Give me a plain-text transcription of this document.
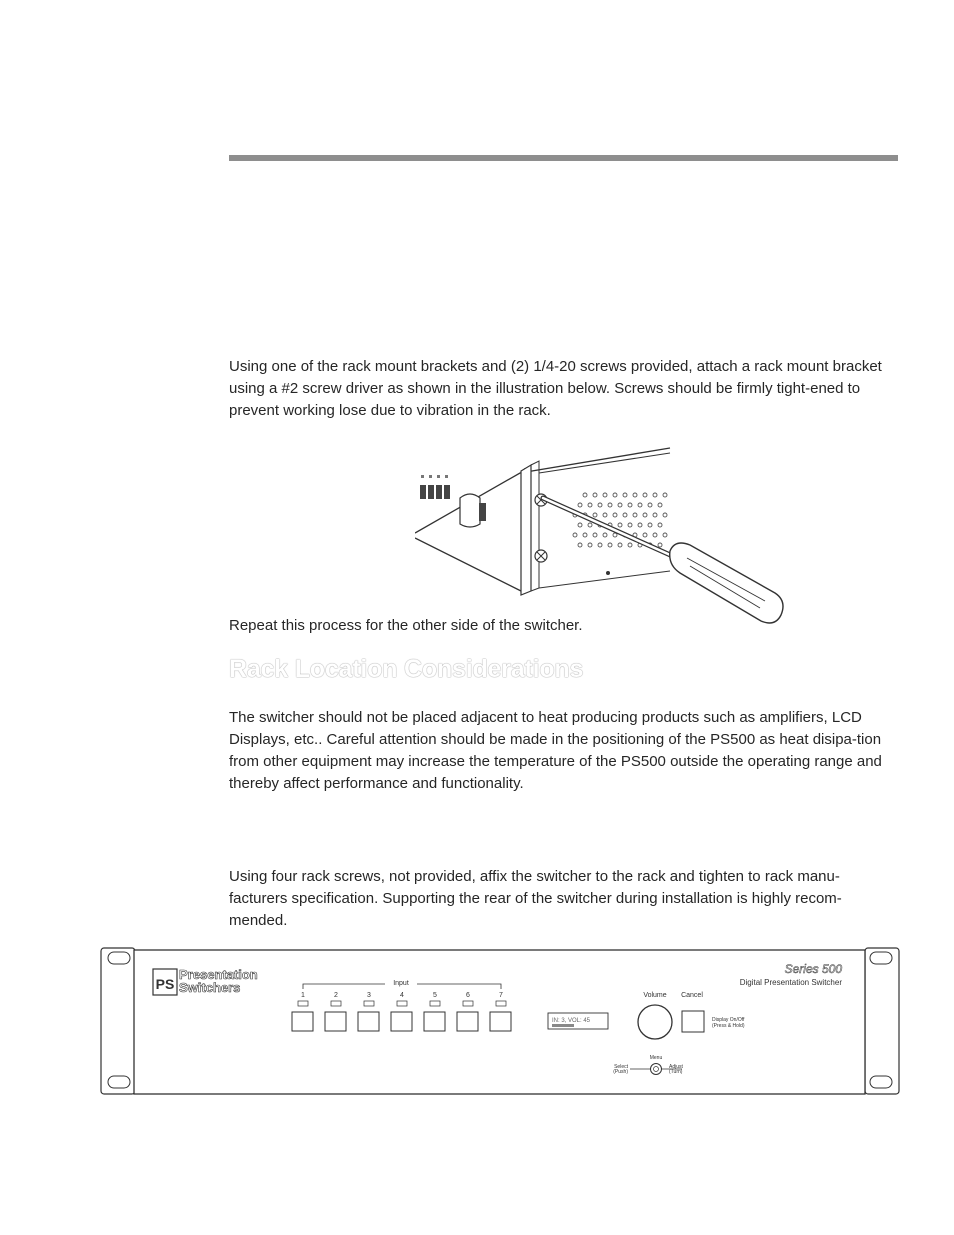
Using one of the rack mount brackets and (2) 1/4-20 screws provided, attach a rack mount bracket using a #2 screw driver as shown in the illustration below. Screws should be firmly tight-ened to prevent working lose due to vibration in the rack.

Repeat this process for the other side of the switcher.

Rack Location Considerations

The switcher should not be placed adjacent to heat producing products such as amplifiers, LCD Displays, etc.. Careful attention should be made in the positioning of the PS500 as heat disipa-tion from other equipment may increase the temperature of the PS500 outside the operating range and thereby affect performance and functionality.

Using four rack screws, not provided, affix the switcher to the rack and tighten to rack manu-facturers specification. Supporting the rear of the switcher during installation is highly recom-mended.

PS
Presentation
Switchers	Input
1	2	3	4	5	6	7
IN: 3, VOL: 45
Volume Cancel
Display On/Off
(Press & Hold)
Series 500
Digital Presentation Switcher
Menu
Select
(Push)
Adjust
(Turn)
